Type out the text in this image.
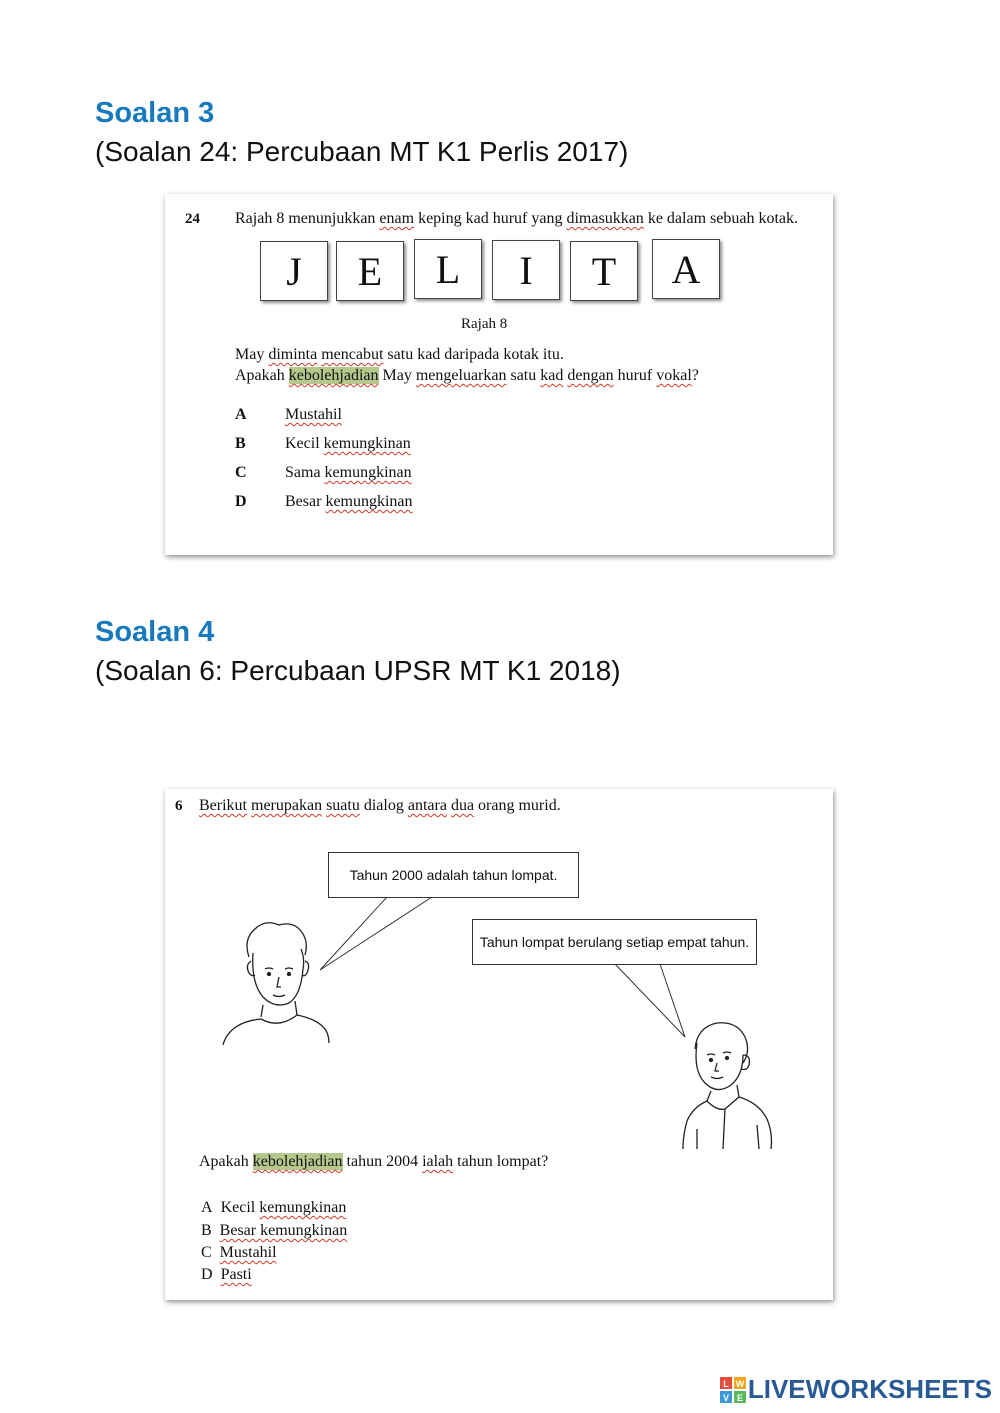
Soalan 3
(Soalan 24: Percubaan MT K1 Perlis 2017)
24 Rajah 8 menunjukkan enam keping kad huruf yang dimasukkan ke dalam sebuah kotak.
J	E	L	I	T	A
Rajah 8
May diminta mencabut satu kad daripada kotak itu.
Apakah kebolehjadian May mengeluarkan satu kad dengan huruf vokal?
A Mustahil
B Kecil kemungkinan
C Sama kemungkinan
D Besar kemungkinan
Soalan 4
(Soalan 6: Percubaan UPSR MT K1 2018)
6 Berikut merupakan suatu dialog antara dua orang murid.
Tahun 2000 adalah tahun lompat.
Tahun lompat berulang setiap empat tahun.
Apakah kebolehjadian tahun 2004 ialah tahun lompat?
A Kecil kemungkinan
B Besar kemungkinan
C Mustahil
D Pasti
L W
V E LIVEWORKSHEETS
